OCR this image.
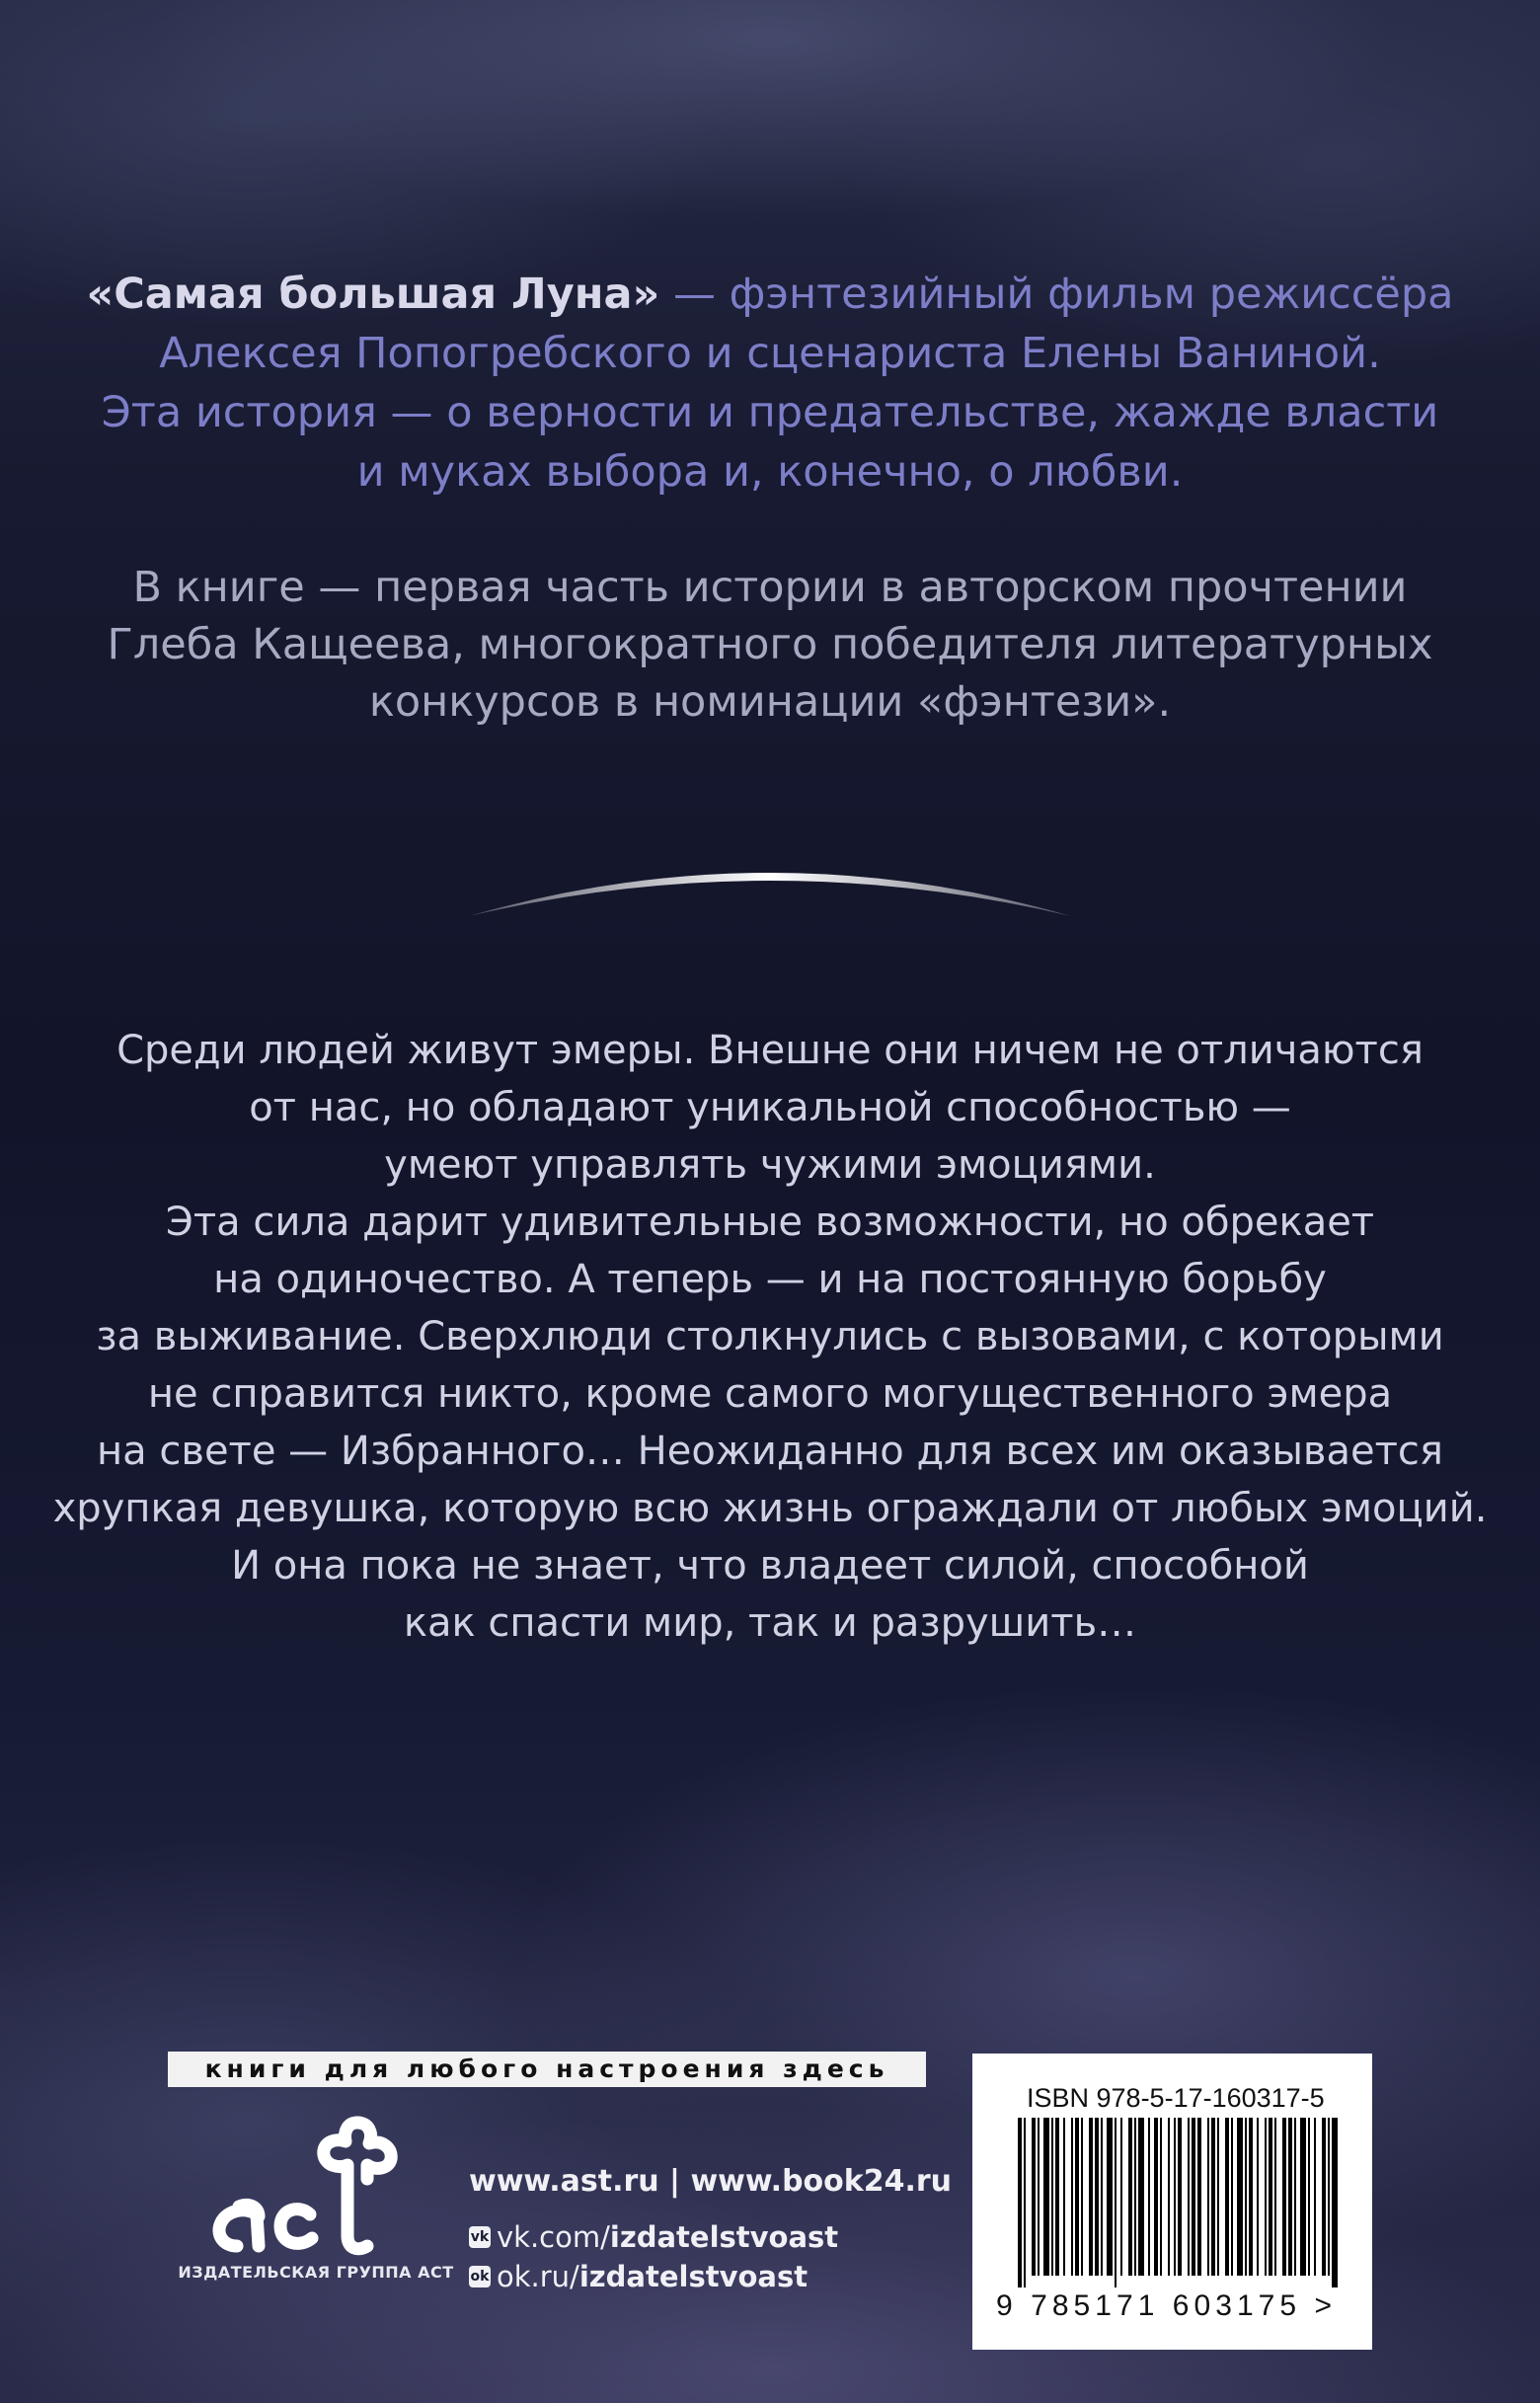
«Самая большая Луна» — фэнтезийный фильм режиссёра

Алексея Попогребского и сценариста Елены Ваниной.

Эта история — о верности и предательстве, жажде власти

и муках выбора и, конечно, о любви.

В книге — первая часть истории в авторском прочтении

Глеба Кащеева, многократного победителя литературных

конкурсов в номинации «фэнтези».

Среди людей живут эмеры. Внешне они ничем не отличаются

от нас, но обладают уникальной способностью —

умеют управлять чужими эмоциями.

Эта сила дарит удивительные возможности, но обрекает

на одиночество. А теперь — и на постоянную борьбу

за выживание. Сверхлюди столкнулись с вызовами, с которыми

не справится никто, кроме самого могущественного эмера

на свете — Избранного… Неожиданно для всех им оказывается

хрупкая девушка, которую всю жизнь ограждали от любых эмоций.

И она пока не знает, что владеет силой, способной

как спасти мир, так и разрушить…

книги для любого настроения здесь
ИЗДАТЕЛЬСКАЯ ГРУППА АСТ
www.ast.ru | www.book24.ru
vk vk.com/ izdatelstvoast
ok ok.ru/ izdatelstvoast
ISBN 978-5-17-160317-5
9 785171 603175 >
